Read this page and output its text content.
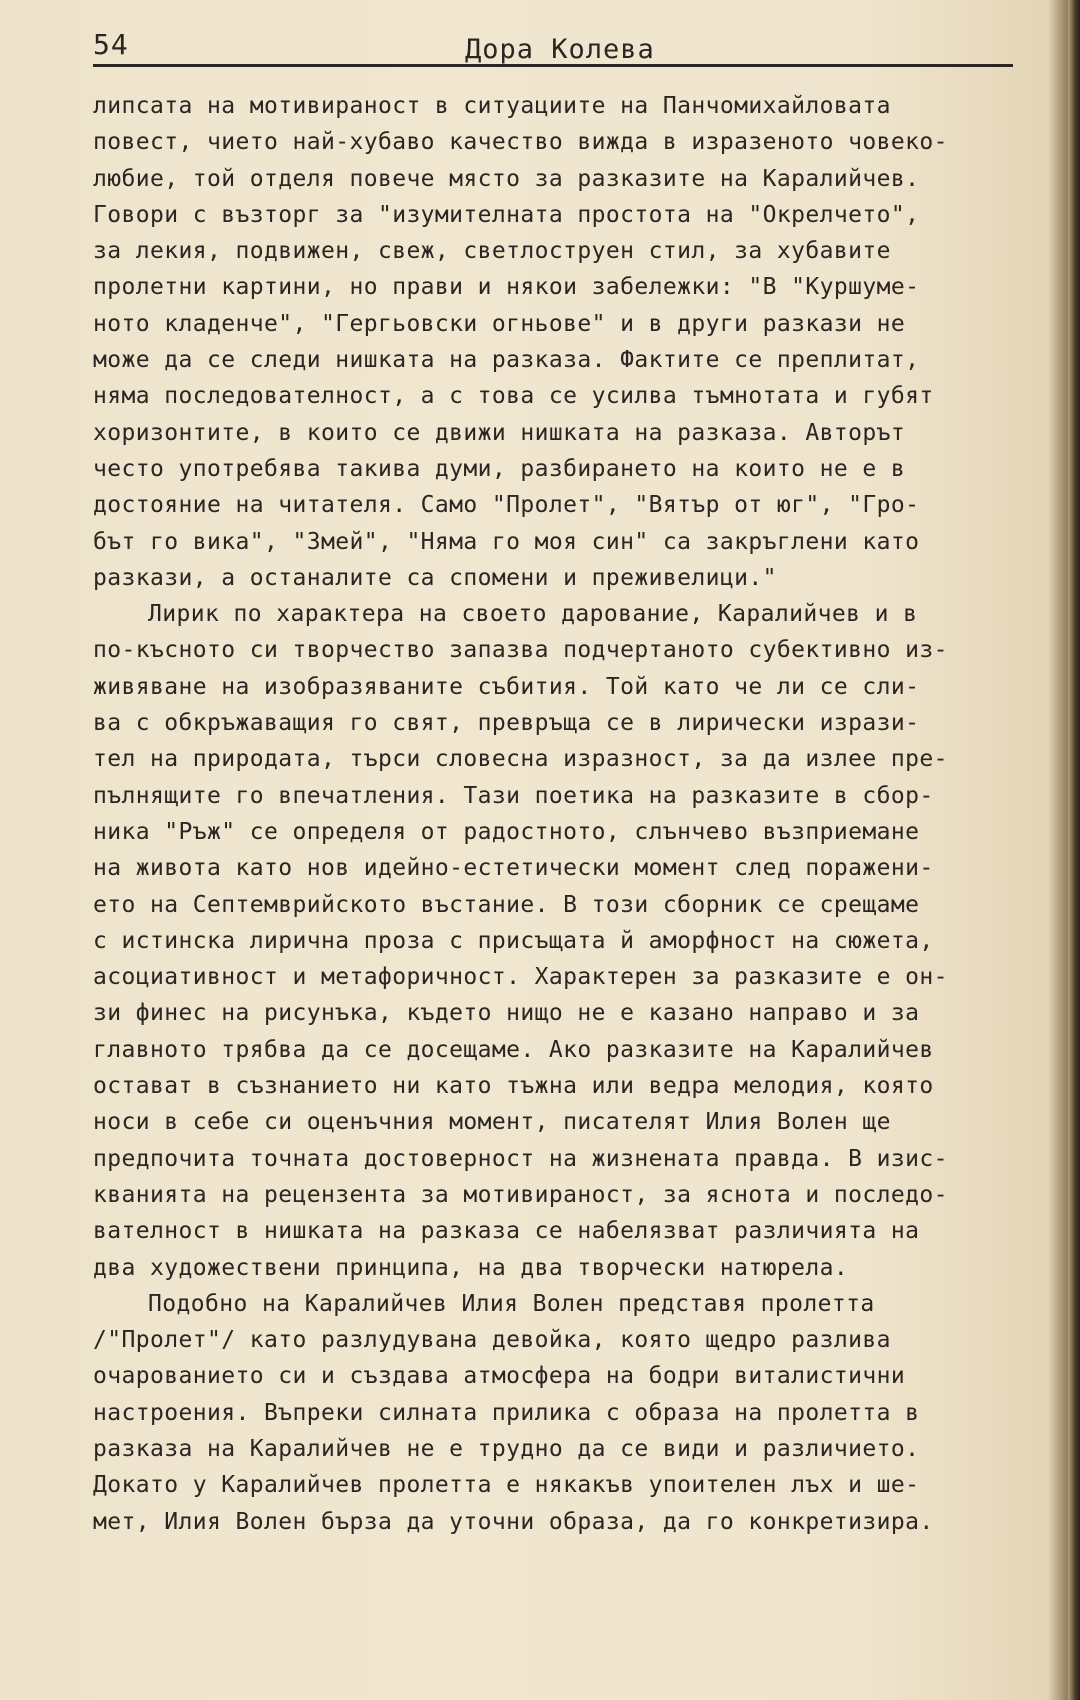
54	Дора Колева
липсата на мотивираност в ситуациите на Панчомихайловата
повест, чието най-хубаво качество вижда в изразеното човеко-
любие, той отделя повече място за разказите на Каралийчев.
Говори с възторг за "изумителната простота на "Окрелчето",
за лекия, подвижен, свеж, светлоструен стил, за хубавите
пролетни картини, но прави и някои забележки: "В "Куршуме-
ното кладенче", "Гергьовски огньове" и в други разкази не
може да се следи нишката на разказа. Фактите се преплитат,
няма последователност, а с това се усилва тъмнотата и губят
хоризонтите, в които се движи нишката на разказа. Авторът
често употребява такива думи, разбирането на които не е в
достояние на читателя. Само "Пролет", "Вятър от юг", "Гро-
бът го вика", "Змей", "Няма го моя син" са закръглени като
разкази, а останалите са спомени и преживелици."
Лирик по характера на своето дарование, Каралийчев и в
по-късното си творчество запазва подчертаното субективно из-
живяване на изобразяваните събития. Той като че ли се сли-
ва с обкръжаващия го свят, превръща се в лирически изрази-
тел на природата, търси словесна изразност, за да излее пре-
пълнящите го впечатления. Тази поетика на разказите в сбор-
ника "Ръж" се определя от радостното, слънчево възприемане
на живота като нов идейно-естетически момент след поражени-
ето на Септемврийското въстание. В този сборник се срещаме
с истинска лирична проза с присъщата й аморфност на сюжета,
асоциативност и метафоричност. Характерен за разказите е он-
зи финес на рисунъка, където нищо не е казано направо и за
главното трябва да се досещаме. Ако разказите на Каралийчев
остават в съзнанието ни като тъжна или ведра мелодия, която
носи в себе си оценъчния момент, писателят Илия Волен ще
предпочита точната достоверност на жизнената правда. В изис-
кванията на рецензента за мотивираност, за яснота и последо-
вателност в нишката на разказа се набелязват различията на
два художествени принципа, на два творчески натюрела.
Подобно на Каралийчев Илия Волен представя пролетта
/"Пролет"/ като разлудувана девойка, която щедро разлива
очарованието си и създава атмосфера на бодри виталистични
настроения. Въпреки силната прилика с образа на пролетта в
разказа на Каралийчев не е трудно да се види и различието.
Докато у Каралийчев пролетта е някакъв упоителен лъх и ше-
мет, Илия Волен бърза да уточни образа, да го конкретизира.
